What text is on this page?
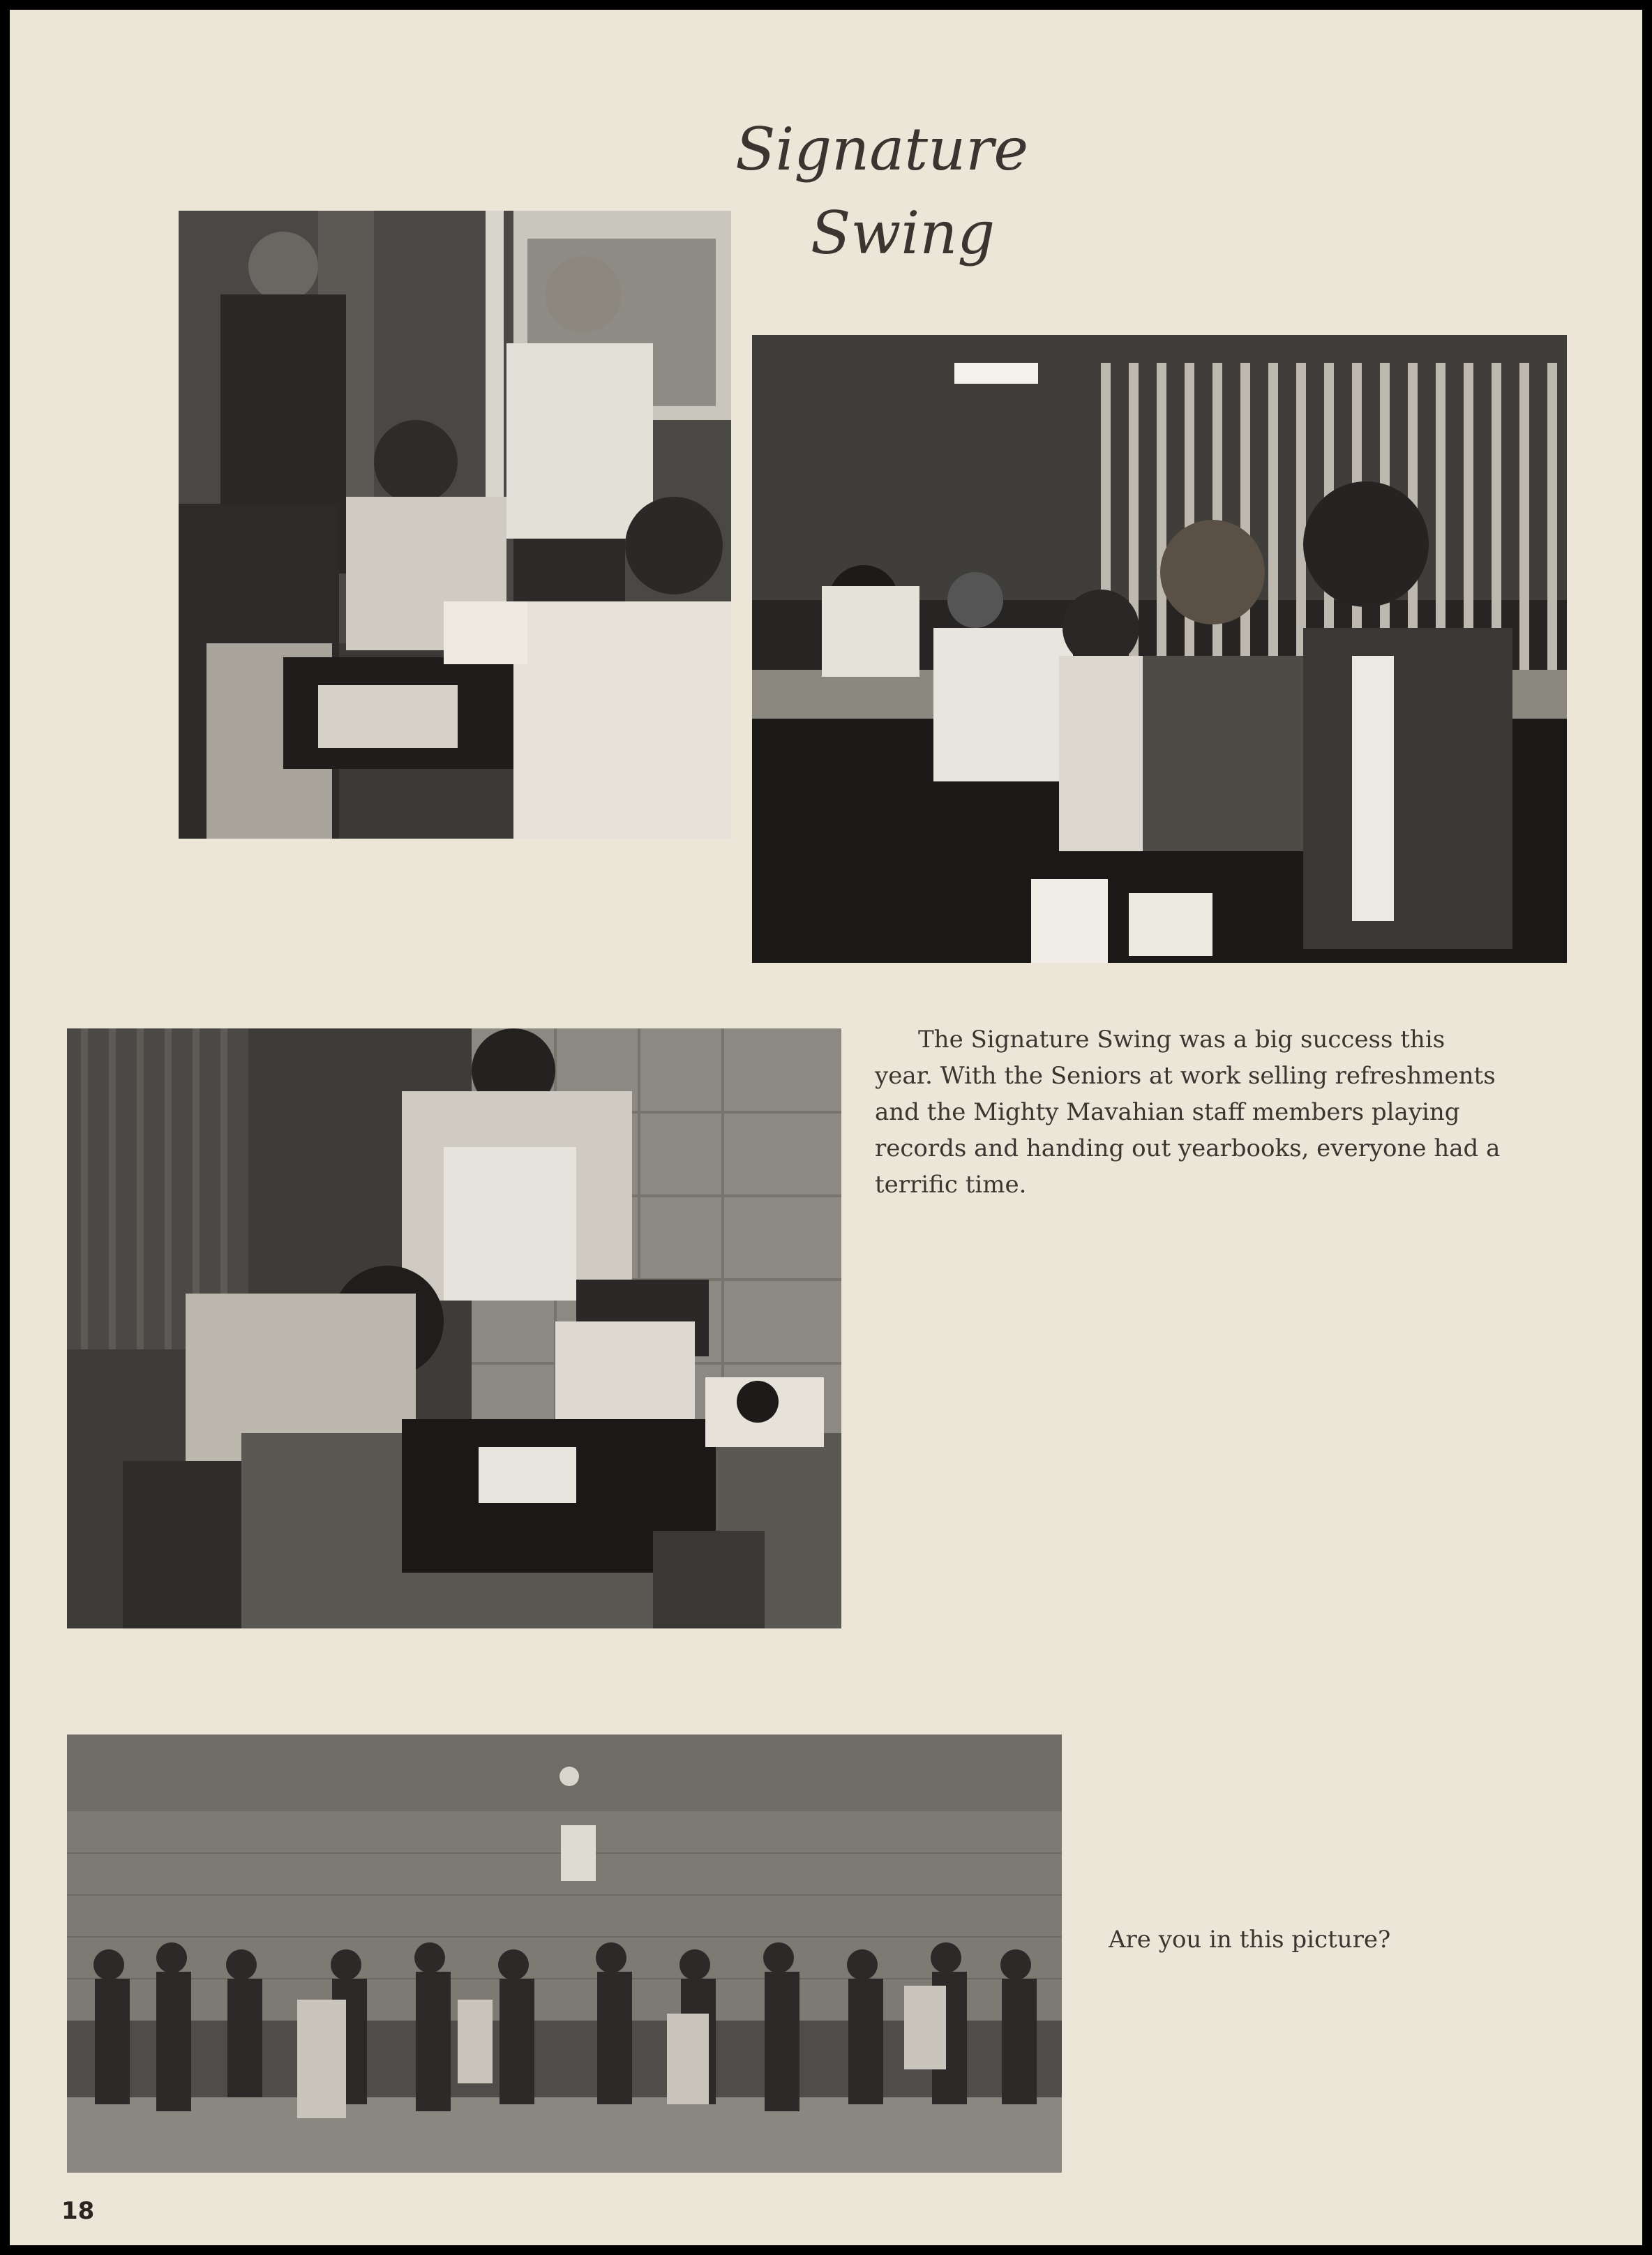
Signature
Swing
The Signature Swing was a big success this year. With the Seniors at work selling refreshments and the Mighty Mavahian staff members playing records and handing out yearbooks, everyone had a terrific time.
Are you in this picture?
18
